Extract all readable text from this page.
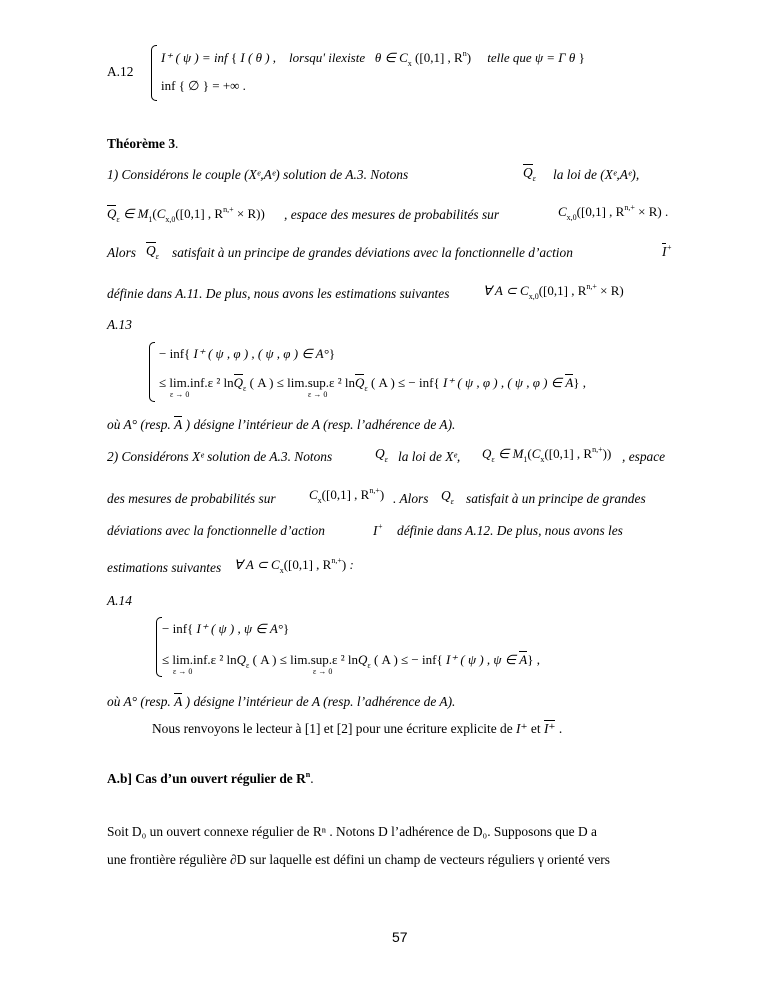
A.12
I⁺ ( ψ ) = inf { I ( θ ) , lorsqu' ilexiste θ ∈ $C_x$ ([0,1] , $R^n$) telle que ψ = Γ θ }
inf { ∅ } = +∞ .
Théorème 3.
1) Considérons le couple (Xᵉ,Aᵉ) solution de A.3. Notons	$Q_\varepsilon$ la loi de (Xᵉ,Aᵉ),
$Q_\varepsilon$ ∈ $M_1(C_{x,0}([0,1]$ , $R^{n,+} \times R$)) , espace des mesures de probabilités sur	$C_{x,0}([0,1]$ , $R^{n,+} \times R$) .
Alors $Q_\varepsilon$ satisfait à un principe de grandes déviations avec la fonctionnelle d’action	I+
définie dans A.11. De plus, nous avons les estimations suivantes	∀ A ⊂ $C_{x,0}([0,1]$ , $R^{n,+} \times R$)
A.13
− inf{ I⁺ ( ψ , φ ) , ( ψ , φ ) ∈ A°}
≤ lim.inf.ε ² lnQ$_\varepsilon$ ( A ) ≤ lim.sup.ε ² lnQ$_\varepsilon$ ( A ) ≤ − inf{ I⁺ ( ψ , φ ) , ( ψ , φ ) ∈ A} ,
ε → 0	ε → 0
où A° (resp. A ) désigne l’intérieur de A (resp. l’adhérence de A).
2) Considérons Xᵉ solution de A.3. Notons	$Q_\varepsilon$ la loi de Xᵉ, $Q_\varepsilon$ ∈ $M_1(C_x([0,1]$ , $R^{n,+}$)) , espace
des mesures de probabilités sur	$C_x([0,1]$ , $R^{n,+}$) . Alors $Q_\varepsilon$ satisfait à un principe de grandes
déviations avec la fonctionnelle d’action	I+ définie dans A.12. De plus, nous avons les
estimations suivantes ∀ A ⊂ $C_x([0,1]$ , $R^{n,+}$) :
A.14
− inf{ I⁺ ( ψ ) , ψ ∈ A°}
≤ lim.inf.ε ² lnQ$_\varepsilon$ ( A ) ≤ lim.sup.ε ² lnQ$_\varepsilon$ ( A ) ≤ − inf{ I⁺ ( ψ ) , ψ ∈ A} ,
ε → 0	ε → 0
où A° (resp. A ) désigne l’intérieur de A (resp. l’adhérence de A).
Nous renvoyons le lecteur à [1] et [2] pour une écriture explicite de I⁺ et I⁺ .
A.b] Cas d’un ouvert régulier de $R^n$.
Soit D₀ un ouvert connexe régulier de Rⁿ . Notons D l’adhérence de D₀. Supposons que D a
une frontière régulière ∂D sur laquelle est défini un champ de vecteurs réguliers γ orienté vers
57
